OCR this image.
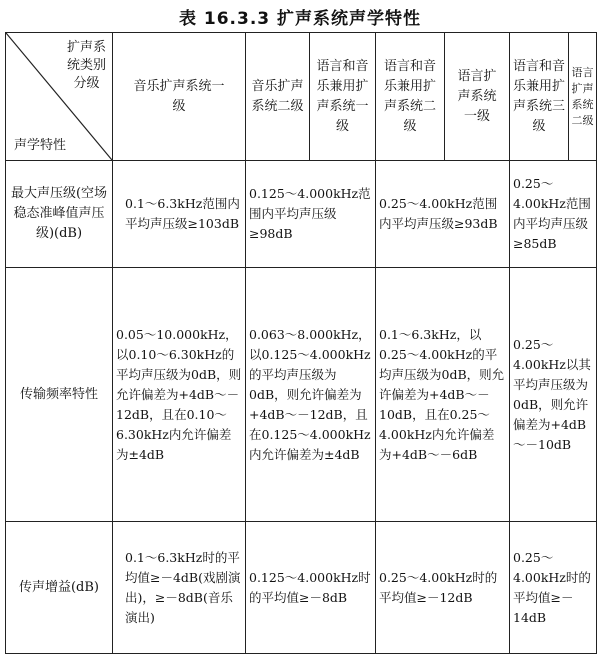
表 16.3.3 扩声系统声学特性
扩声系
统类别
分级
声学特性	音乐扩声系统一级	音乐扩声系统二级	语言和音乐兼用扩声系统一级	语言和音乐兼用扩声系统二级	语言扩声系统一级	语言和音乐兼用扩声系统三级	语言扩声系统二级
最大声压级(空场稳态准峰值声压级)(dB)	0.1～6.3kHz范围内平均声压级≥103dB	0.125～4.000kHz范围内平均声压级≥98dB		0.25～4.00kHz范围内平均声压级≥93dB		0.25～4.00kHz范围内平均声压级≥85dB	
传输频率特性	0.05～10.000kHz，以0.10～6.30kHz的平均声压级为0dB，则允许偏差为+4dB～－12dB，且在0.10～6.30kHz内允许偏差为±4dB	0.063～8.000kHz，以0.125～4.000kHz的平均声压级为0dB，则允许偏差为+4dB～－12dB，且在0.125～4.000kHz内允许偏差为±4dB		0.1～6.3kHz，以0.25～4.00kHz的平均声压级为0dB，则允许偏差为+4dB～－10dB，且在0.25～4.00kHz内允许偏差为+4dB～－6dB		0.25～4.00kHz以其平均声压级为0dB，则允许偏差为+4dB～－10dB	
传声增益(dB)	0.1～6.3kHz时的平均值≥－4dB(戏剧演出)，≥－8dB(音乐演出)	0.125～4.000kHz时的平均值≥－8dB		0.25～4.00kHz时的平均值≥－12dB		0.25～4.00kHz时的平均值≥－14dB	
